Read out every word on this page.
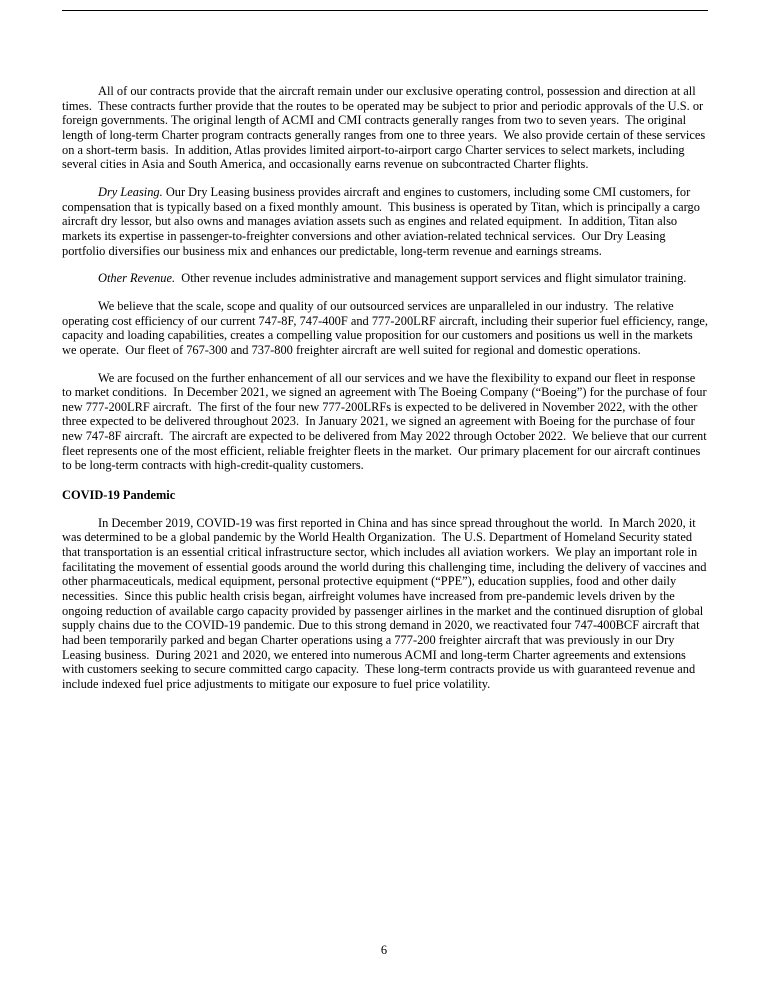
All of our contracts provide that the aircraft remain under our exclusive operating control, possession and direction at all times.  These contracts further provide that the routes to be operated may be subject to prior and periodic approvals of the U.S. or foreign governments. The original length of ACMI and CMI contracts generally ranges from two to seven years.  The original length of long-term Charter program contracts generally ranges from one to three years.  We also provide certain of these services on a short-term basis.  In addition, Atlas provides limited airport-to-airport cargo Charter services to select markets, including several cities in Asia and South America, and occasionally earns revenue on subcontracted Charter flights.

Dry Leasing. Our Dry Leasing business provides aircraft and engines to customers, including some CMI customers, for compensation that is typically based on a fixed monthly amount.  This business is operated by Titan, which is principally a cargo aircraft dry lessor, but also owns and manages aviation assets such as engines and related equipment.  In addition, Titan also markets its expertise in passenger-to-freighter conversions and other aviation-related technical services.  Our Dry Leasing portfolio diversifies our business mix and enhances our predictable, long-term revenue and earnings streams.

Other Revenue.  Other revenue includes administrative and management support services and flight simulator training.

We believe that the scale, scope and quality of our outsourced services are unparalleled in our industry.  The relative operating cost efficiency of our current 747-8F, 747-400F and 777-200LRF aircraft, including their superior fuel efficiency, range, capacity and loading capabilities, creates a compelling value proposition for our customers and positions us well in the markets we operate.  Our fleet of 767-300 and 737-800 freighter aircraft are well suited for regional and domestic operations.

We are focused on the further enhancement of all our services and we have the flexibility to expand our fleet in response to market conditions.  In December 2021, we signed an agreement with The Boeing Company (“Boeing”) for the purchase of four new 777-200LRF aircraft.  The first of the four new 777-200LRFs is expected to be delivered in November 2022, with the other three expected to be delivered throughout 2023.  In January 2021, we signed an agreement with Boeing for the purchase of four new 747-8F aircraft.  The aircraft are expected to be delivered from May 2022 through October 2022.  We believe that our current fleet represents one of the most efficient, reliable freighter fleets in the market.  Our primary placement for our aircraft continues to be long-term contracts with high-credit-quality customers.

COVID-19 Pandemic

In December 2019, COVID-19 was first reported in China and has since spread throughout the world.  In March 2020, it was determined to be a global pandemic by the World Health Organization.  The U.S. Department of Homeland Security stated that transportation is an essential critical infrastructure sector, which includes all aviation workers.  We play an important role in facilitating the movement of essential goods around the world during this challenging time, including the delivery of vaccines and other pharmaceuticals, medical equipment, personal protective equipment (“PPE”), education supplies, food and other daily necessities.  Since this public health crisis began, airfreight volumes have increased from pre-pandemic levels driven by the ongoing reduction of available cargo capacity provided by passenger airlines in the market and the continued disruption of global supply chains due to the COVID-19 pandemic. Due to this strong demand in 2020, we reactivated four 747-400BCF aircraft that had been temporarily parked and began Charter operations using a 777-200 freighter aircraft that was previously in our Dry Leasing business.  During 2021 and 2020, we entered into numerous ACMI and long-term Charter agreements and extensions with customers seeking to secure committed cargo capacity.  These long-term contracts provide us with guaranteed revenue and include indexed fuel price adjustments to mitigate our exposure to fuel price volatility.

6
